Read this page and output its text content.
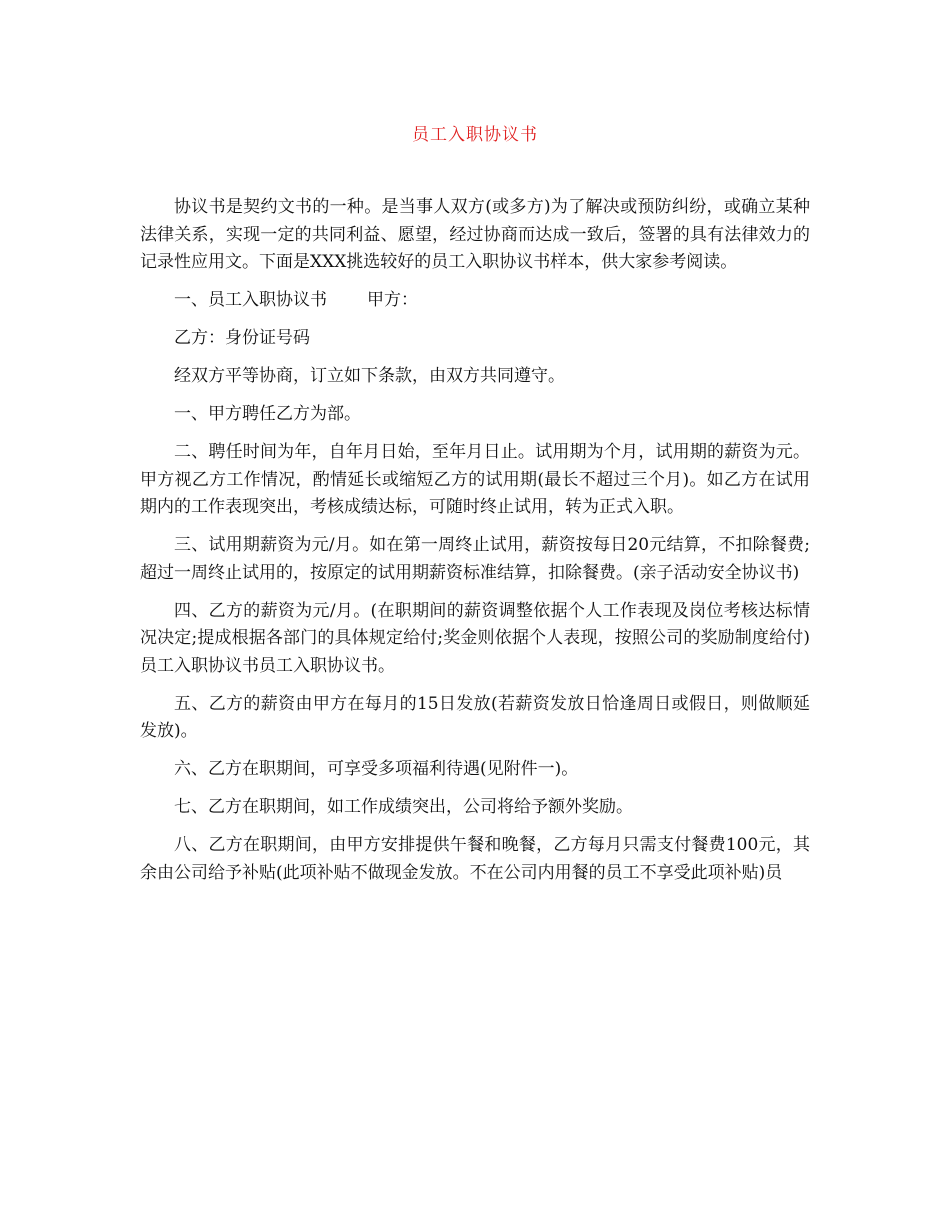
员工入职协议书

协议书是契约文书的一种。是当事人双方(或多方)为了解决或预防纠纷，或确立某种法律关系，实现一定的共同利益、愿望，经过协商而达成一致后，签署的具有法律效力的记录性应用文。下面是XXX挑选较好的员工入职协议书样本，供大家参考阅读。

一、员工入职协议书 甲方：

乙方：身份证号码

经双方平等协商，订立如下条款，由双方共同遵守。

一、甲方聘任乙方为部。

二、聘任时间为年，自年月日始，至年月日止。试用期为个月，试用期的薪资为元。甲方视乙方工作情况，酌情延长或缩短乙方的试用期(最长不超过三个月)。如乙方在试用期内的工作表现突出，考核成绩达标，可随时终止试用，转为正式入职。

三、试用期薪资为元/月。如在第一周终止试用，薪资按每日20元结算，不扣除餐费;超过一周终止试用的，按原定的试用期薪资标准结算，扣除餐费。(亲子活动安全协议书)

四、乙方的薪资为元/月。(在职期间的薪资调整依据个人工作表现及岗位考核达标情况决定;提成根据各部门的具体规定给付;奖金则依据个人表现，按照公司的奖励制度给付)员工入职协议书员工入职协议书。

五、乙方的薪资由甲方在每月的15日发放(若薪资发放日恰逢周日或假日，则做顺延发放)。

六、乙方在职期间，可享受多项福利待遇(见附件一)。

七、乙方在职期间，如工作成绩突出，公司将给予额外奖励。

八、乙方在职期间，由甲方安排提供午餐和晚餐，乙方每月只需支付餐费100元，其余由公司给予补贴(此项补贴不做现金发放。不在公司内用餐的员工不享受此项补贴)员
